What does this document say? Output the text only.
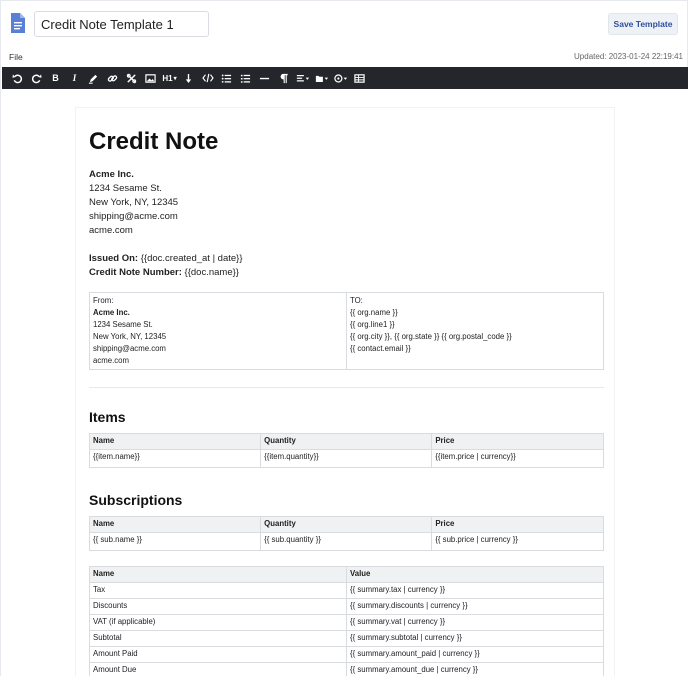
Credit Note Template 1
Save Template
File	Updated: 2023-01-24 22:19:41
B	I	H1 ▾
Credit Note
Acme Inc.
1234 Sesame St.
New York, NY, 12345
shipping@acme.com
acme.com
Issued On: {{doc.created_at | date}}
Credit Note Number: {{doc.name}}
From:
Acme Inc.
1234 Sesame St.
New York, NY, 12345
shipping@acme.com
acme.com

TO:
{{ org.name }}
{{ org.line1 }}
{{ org.city }}, {{ org.state }} {{ org.postal_code }}
{{ contact.email }}
Items
Name	Quantity	Price
{{item.name}}	{{item.quantity}}	{{item.price | currency}}
Subscriptions
Name	Quantity	Price
{{ sub.name }}	{{ sub.quantity }}	{{ sub.price | currency }}
Name	Value
Tax	{{ summary.tax | currency }}
Discounts	{{ summary.discounts | currency }}
VAT (if applicable)	{{ summary.vat | currency }}
Subtotal	{{ summary.subtotal | currency }}
Amount Paid	{{ summary.amount_paid | currency }}
Amount Due	{{ summary.amount_due | currency }}
